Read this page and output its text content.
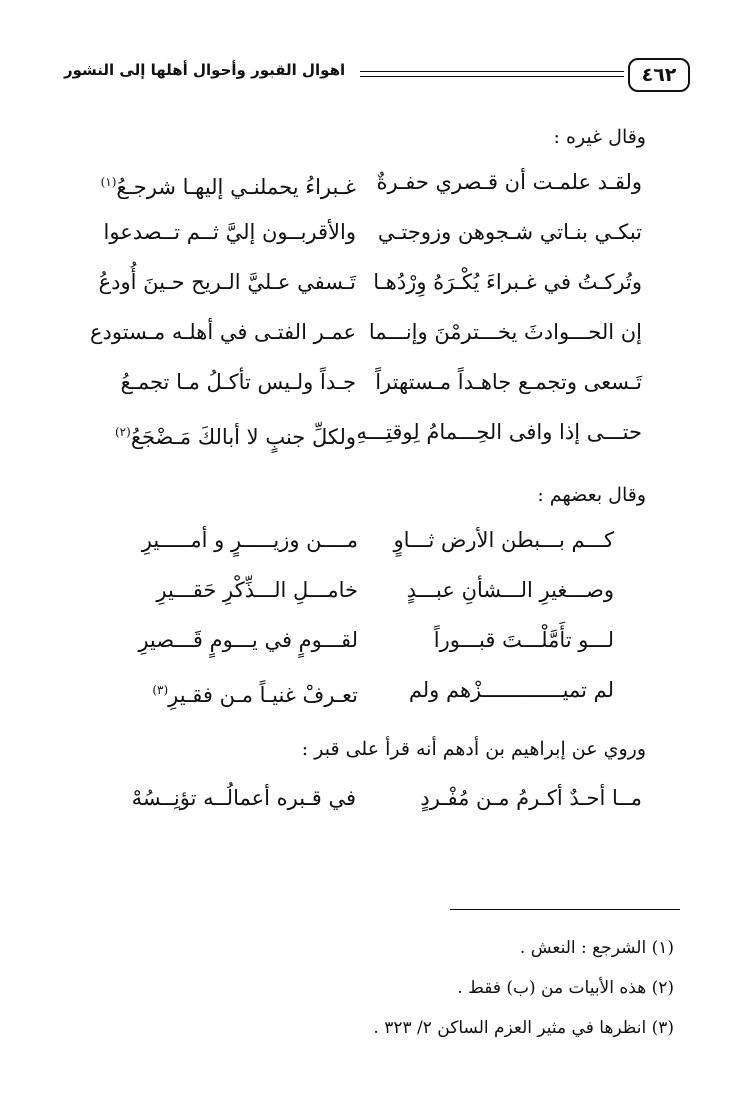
٤٦٢
اهوال القبور وأحوال أهلها إلى النشور
وقال غيره :
ولقـد علمـت أن قـصري حفـرةٌ
غـبراءُ يحملنـي إليهـا شرجـعُ$^{(١)}$
تبكـي بنـاتي شـجوهن وزوجتـي
والأقربــون إليَّ ثــم تــصدعوا
وتُركـتُ في غـبراءَ يُكْـرَهُ وِرْدُهـا
تَـسفي عـليَّ الـريح حـينَ أُودعُ
إن الحـــوادثَ يخـــترمْنَ وإنـــما
عمـر الفتـى في أهلـه مـستودع
تَـسعى وتجمـع جاهـداً مـستهتراً
جـداً ولـيس تأكـلُ مـا تجمـعُ
حتـــى إذا وافى الحِـــمامُ لِوقتِـــهِ
ولكلِّ جنبٍ لا أبالكَ مَـضْجَعُ$^{(٢)}$
وقال بعضهم :
كـــم بـــبطن الأرض ثـــاوٍ
مــــن وزيـــــرٍ و أمـــــيرِ
وصـــغيرِ الـــشأنِ عبـــدٍ
خامـــلِ الـــذِّكْرِ حَقـــيرِ
لـــو تأَمَّلْـــتَ قبـــوراً
لقـــومٍ في يـــومٍ قَـــصيرِ
لم تميـــــــــــــزْهم ولم
تعـرفْ غنيـاً مـن فقـيرِ$^{(٣)}$
وروي عن إبراهيم بن أدهم أنه قرأ على قبر :
مــا أحـدٌ أكـرمُ مـن مُفْـردٍ
في قـبره أعمالُــه تؤنِــسُهْ
(١) الشرجع : النعش .
(٢) هذه الأبيات من (ب) فقط .
(٣) انظرها في مثير العزم الساكن ٢/ ٣٢٣ .
